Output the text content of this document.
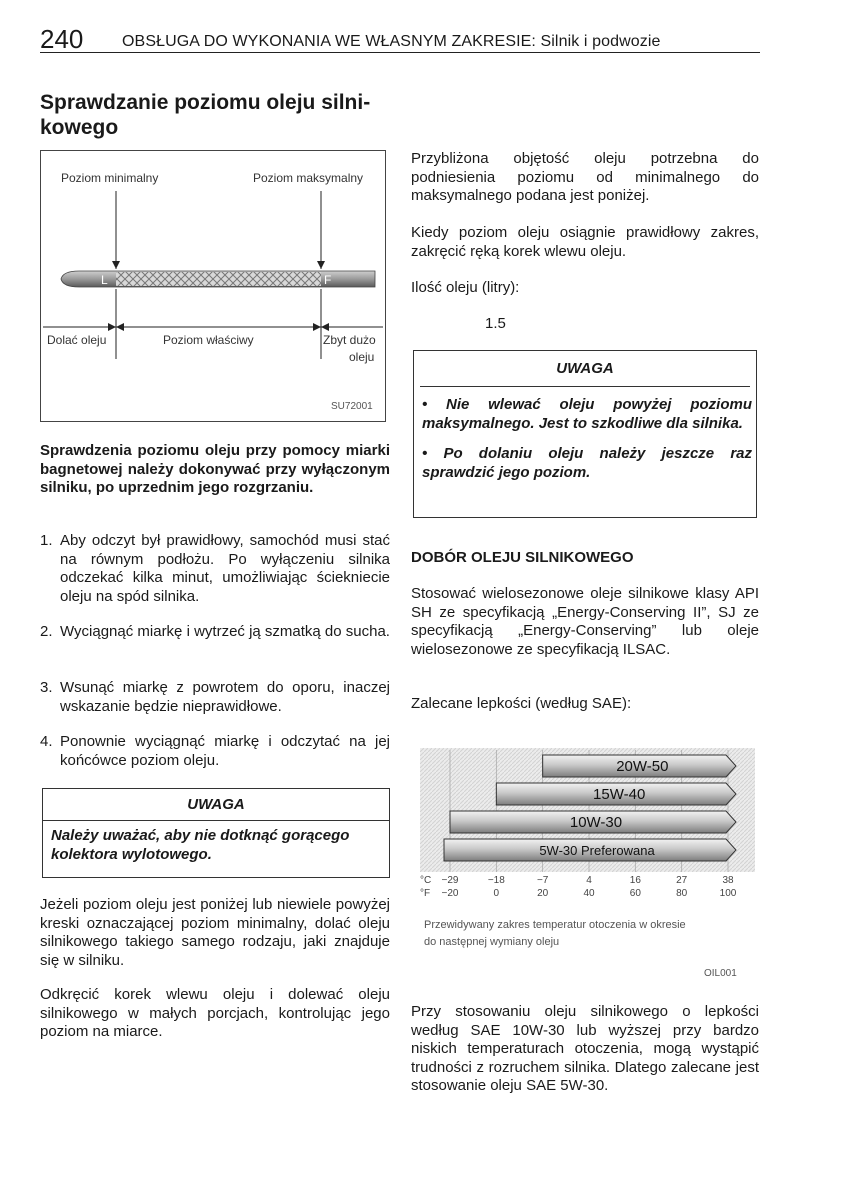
240 OBSŁUGA DO WYKONANIA WE WŁASNYM ZAKRESIE: Silnik i podwozie
Sprawdzanie poziomu oleju silni-
kowego
Poziom minimalny	Poziom maksymalny
L	F
Dolać oleju	Poziom właściwy	Zbyt dużo
oleju
SU72001
Sprawdzenia poziomu oleju przy pomocy miarki bagnetowej należy dokonywać przy wyłączonym silniku, po uprzednim jego rozgrzaniu.
1. Aby odczyt był prawidłowy, samochód musi stać na równym podłożu. Po wyłączeniu silnika odczekać kilka minut, umożliwiając ściekniecie oleju na spód silnika.
2. Wyciągnąć miarkę i wytrzeć ją szmatką do sucha.
3. Wsunąć miarkę z powrotem do oporu, inaczej wskazanie będzie nieprawidłowe.
4. Ponownie wyciągnąć miarkę i odczytać na jej końcówce poziom oleju.
UWAGA
Należy uważać, aby nie dotknąć gorącego kolektora wylotowego.
Jeżeli poziom oleju jest poniżej lub niewiele powyżej kreski oznaczającej poziom minimalny, dolać oleju silnikowego takiego samego rodzaju, jaki znajduje się w silniku.
Odkręcić korek wlewu oleju i dolewać oleju silnikowego w małych porcjach, kontrolując jego poziom na miarce.
Przybliżona objętość oleju potrzebna do podniesienia poziomu od minimalnego do maksymalnego podana jest poniżej.
Kiedy poziom oleju osiągnie prawidłowy zakres, zakręcić ręką korek wlewu oleju.
Ilość oleju (litry):
1.5
UWAGA
• Nie wlewać oleju powyżej poziomu maksymalnego. Jest to szkodliwe dla silnika.
• Po dolaniu oleju należy jeszcze raz sprawdzić jego poziom.
DOBÓR OLEJU SILNIKOWEGO
Stosować wielosezonowe oleje silnikowe klasy API SH ze specyfikacją „Energy-Conserving II”, SJ ze specyfikacją „Energy-Conserving” lub oleje wielosezonowe ze specyfikacją ILSAC.
Zalecane lepkości (według SAE):
20W-50
15W-40
10W-30
5W-30 Preferowana
°C
°F
−29
−20
−18
0
−7
20
4
40
16
60
27
80
38
100
Przewidywany zakres temperatur otoczenia w okresie
do następnej wymiany oleju
OIL001
Przy stosowaniu oleju silnikowego o lepkości według SAE 10W-30 lub wyższej przy bardzo niskich temperaturach otoczenia, mogą wystąpić trudności z rozruchem silnika. Dlatego zalecane jest stosowanie oleju SAE 5W-30.
